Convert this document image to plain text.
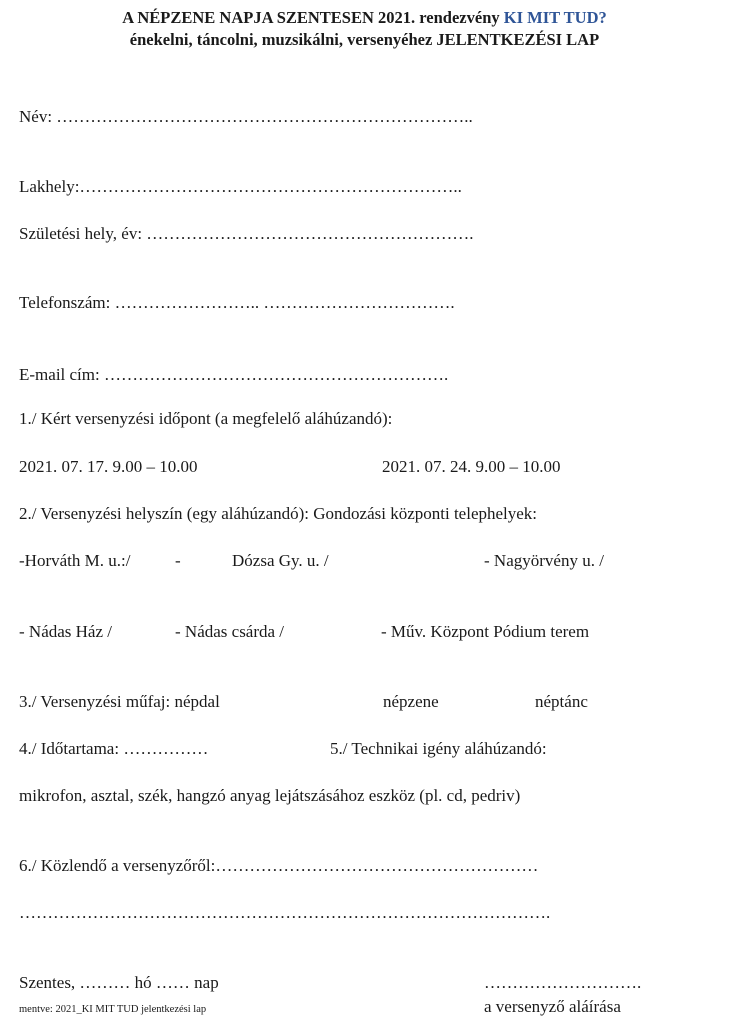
A NÉPZENE NAPJA SZENTESEN 2021. rendezvény KI MIT TUD?
énekelni, táncolni, muzsikálni, versenyéhez JELENTKEZÉSI LAP
Név: ………………………………………………………………..
Lakhely:…………………………………………………………..
Születési hely, év: ………………………………………………….
Telefonszám: …………………….. …………………………….
E-mail cím: …………………………………………………….
1./ Kért versenyzési időpont (a megfelelő aláhúzandó):
2021. 07. 17. 9.00 – 10.00	2021. 07. 24. 9.00 – 10.00
2./ Versenyzési helyszín (egy aláhúzandó): Gondozási központi telephelyek:
-Horváth M. u.:/	-	Dózsa Gy. u. /	- Nagyörvény u. /
- Nádas Ház /	- Nádas csárda /	- Műv. Központ Pódium terem
3./ Versenyzési műfaj: népdal	népzene	néptánc
4./ Időtartama: ……………	5./ Technikai igény aláhúzandó:
mikrofon, asztal, szék, hangzó anyag lejátszásához eszköz (pl. cd, pedriv)
6./ Közlendő a versenyzőről:…………………………………………………
………………………………………………………………………………….
Szentes, ……… hó …… nap	……………………….
a versenyző aláírása
mentve: 2021_KI MIT TUD jelentkezési lap
